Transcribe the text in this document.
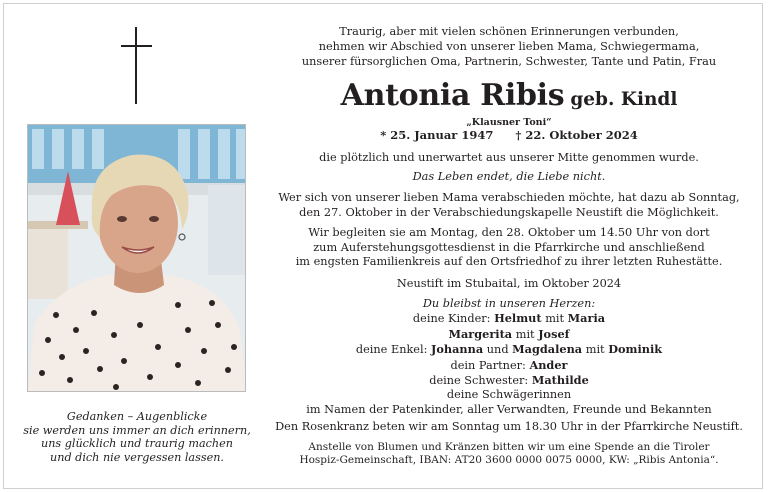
Gedanken – Augenblicke
sie werden uns immer an dich erinnern,
uns glücklich und traurig machen
und dich nie vergessen lassen.
Traurig, aber mit vielen schönen Erinnerungen verbunden,
nehmen wir Abschied von unserer lieben Mama, Schwiegermama,
unserer fürsorglichen Oma, Partnerin, Schwester, Tante und Patin, Frau
Antonia Ribis geb. Kindl
„Klausner Toni“
* 25. Januar 1947 † 22. Oktober 2024
die plötzlich und unerwartet aus unserer Mitte genommen wurde.
Das Leben endet, die Liebe nicht.
Wer sich von unserer lieben Mama verabschieden möchte, hat dazu ab Sonntag,
den 27. Oktober in der Verabschiedungskapelle Neustift die Möglichkeit.
Wir begleiten sie am Montag, den 28. Oktober um 14.50 Uhr von dort
zum Auferstehungsgottesdienst in die Pfarrkirche und anschließend
im engsten Familienkreis auf den Ortsfriedhof zu ihrer letzten Ruhestätte.
Neustift im Stubaital, im Oktober 2024
Du bleibst in unseren Herzen:
deine Kinder: Helmut mit Maria
Margerita mit Josef
deine Enkel: Johanna und Magdalena mit Dominik
dein Partner: Ander
deine Schwester: Mathilde
deine Schwägerinnen
im Namen der Patenkinder, aller Verwandten, Freunde und Bekannten
Den Rosenkranz beten wir am Sonntag um 18.30 Uhr in der Pfarrkirche Neustift.
Anstelle von Blumen und Kränzen bitten wir um eine Spende an die Tiroler
Hospiz-Gemeinschaft, IBAN: AT20 3600 0000 0075 0000, KW: „Ribis Antonia“.
